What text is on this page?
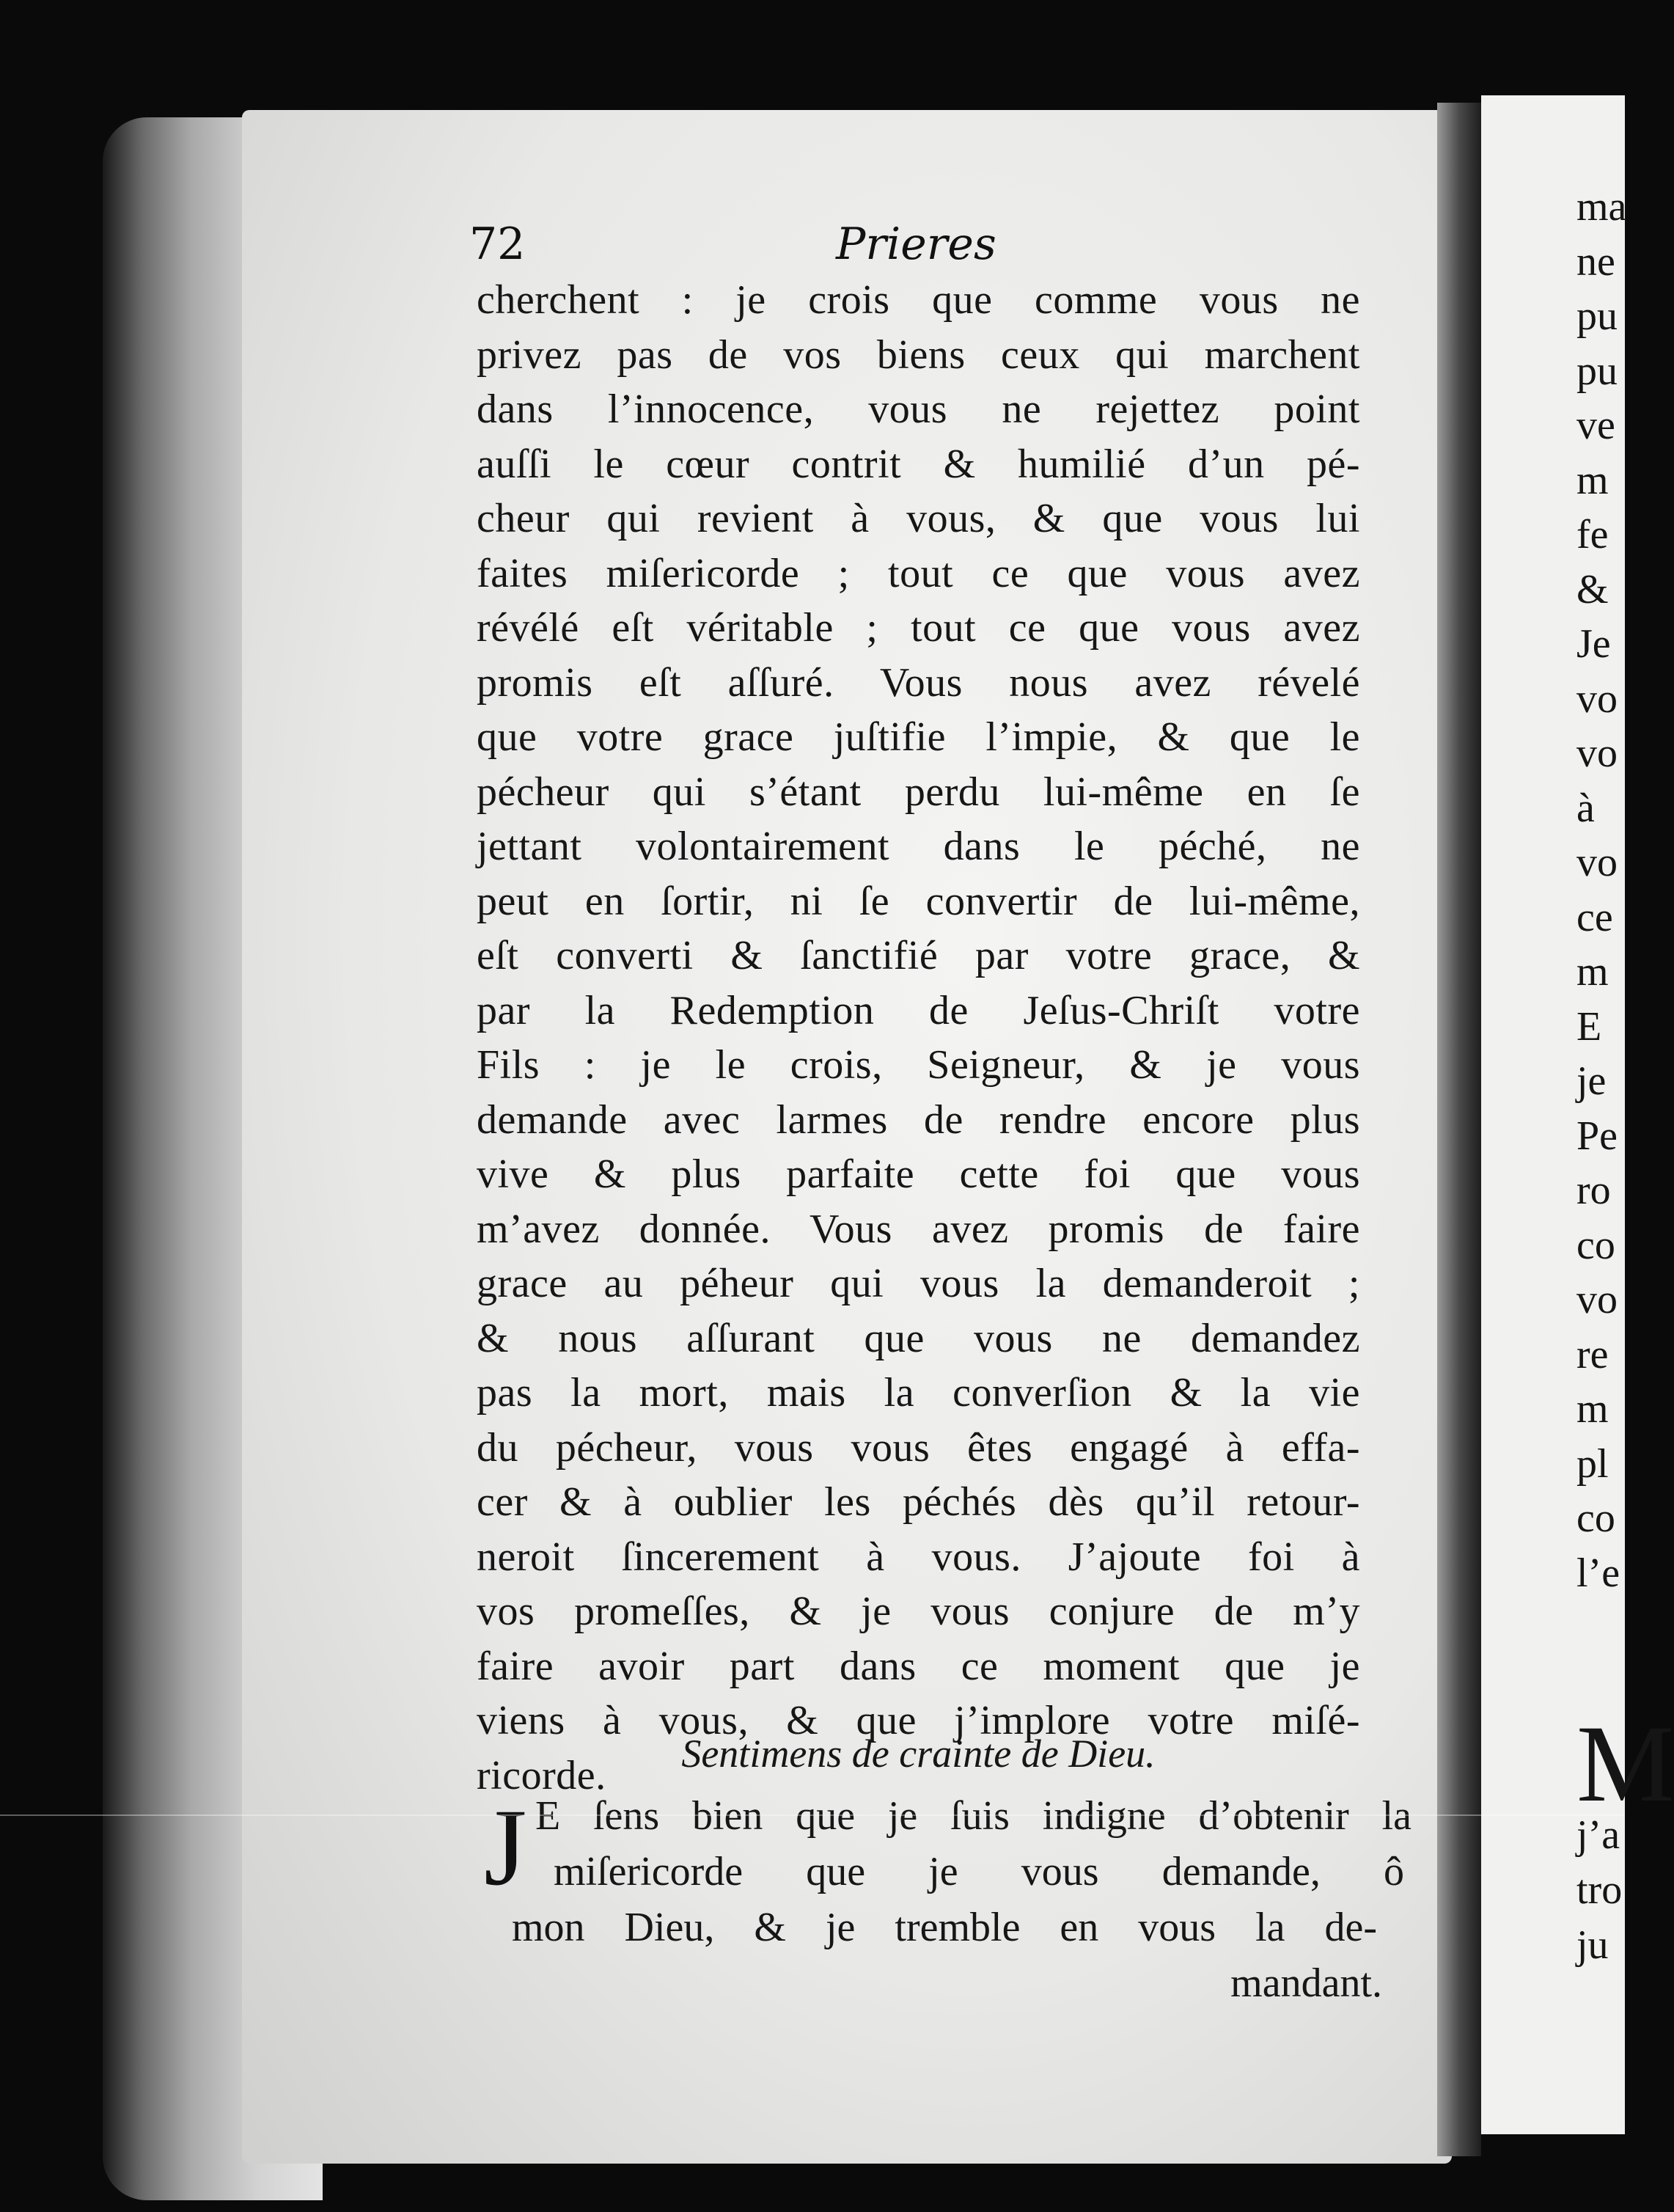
ma
ne
pu
pu
ve
m
fe
&
Je
vo
vo
à
vo
ce
m
E
je
Pe
ro
co
vo
re
m
pl
co
l’e
M
j’a
tro
ju
72	Prieres
cherchent : je crois que comme vous ne
privez pas de vos biens ceux qui marchent
dans l’innocence, vous ne rejettez point
auſſi le cœur contrit & humilié d’un pé-
cheur qui revient à vous, & que vous lui
faites miſericorde ; tout ce que vous avez
révélé eſt véritable ; tout ce que vous avez
promis eſt aſſuré. Vous nous avez révelé
que votre grace juſtifie l’impie, & que le
pécheur qui s’étant perdu lui-même en ſe
jettant volontairement dans le péché, ne
peut en ſortir, ni ſe convertir de lui-même,
eſt converti & ſanctifié par votre grace, &
par la Redemption de Jeſus-Chriſt votre
Fils : je le crois, Seigneur, & je vous
demande avec larmes de rendre encore plus
vive & plus parfaite cette foi que vous
m’avez donnée. Vous avez promis de faire
grace au péheur qui vous la demanderoit ;
& nous aſſurant que vous ne demandez
pas la mort, mais la converſion & la vie
du pécheur, vous vous êtes engagé à effa-
cer & à oublier les péchés dès qu’il retour-
neroit ſincerement à vous. J’ajoute foi à
vos promeſſes, & je vous conjure de m’y
faire avoir part dans ce moment que je
viens à vous, & que j’implore votre miſé-
ricorde.	Sentimens de crainte de Dieu.
J E ſens bien que je ſuis indigne d’obtenir la
miſericorde que je vous demande, ô
mon Dieu, & je tremble en vous la de-
mandant.
